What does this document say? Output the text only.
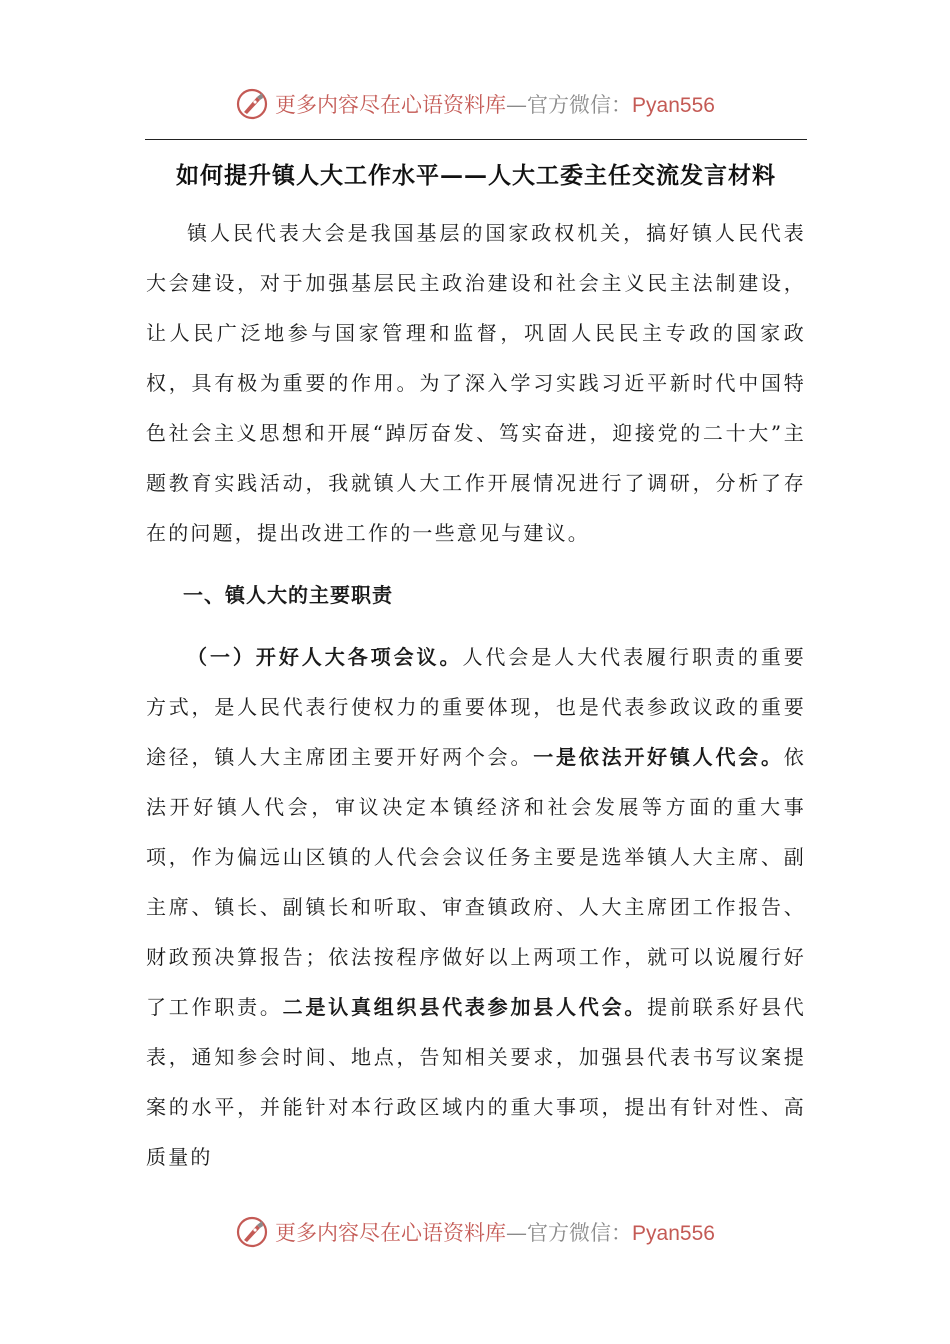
更多内容尽在心语资料库—官方微信：Pyan556
如何提升镇人大工作水平——人大工委主任交流发言材料

镇人民代表大会是我国基层的国家政权机关，搞好镇人民代表大会建设，对于加强基层民主政治建设和社会主义民主法制建设，让人民广泛地参与国家管理和监督，巩固人民民主专政的国家政权，具有极为重要的作用。为了深入学习实践习近平新时代中国特色社会主义思想和开展“踔厉奋发、笃实奋进，迎接党的二十大”主题教育实践活动，我就镇人大工作开展情况进行了调研，分析了存在的问题，提出改进工作的一些意见与建议。

一、镇人大的主要职责

（一）开好人大各项会议。人代会是人大代表履行职责的重要方式，是人民代表行使权力的重要体现，也是代表参政议政的重要途径，镇人大主席团主要开好两个会。一是依法开好镇人代会。依法开好镇人代会，审议决定本镇经济和社会发展等方面的重大事项，作为偏远山区镇的人代会会议任务主要是选举镇人大主席、副主席、镇长、副镇长和听取、审查镇政府、人大主席团工作报告、财政预决算报告；依法按程序做好以上两项工作，就可以说履行好了工作职责。二是认真组织县代表参加县人代会。提前联系好县代表，通知参会时间、地点，告知相关要求，加强县代表书写议案提案的水平，并能针对本行政区域内的重大事项，提出有针对性、高质量的

更多内容尽在心语资料库—官方微信：Pyan556
